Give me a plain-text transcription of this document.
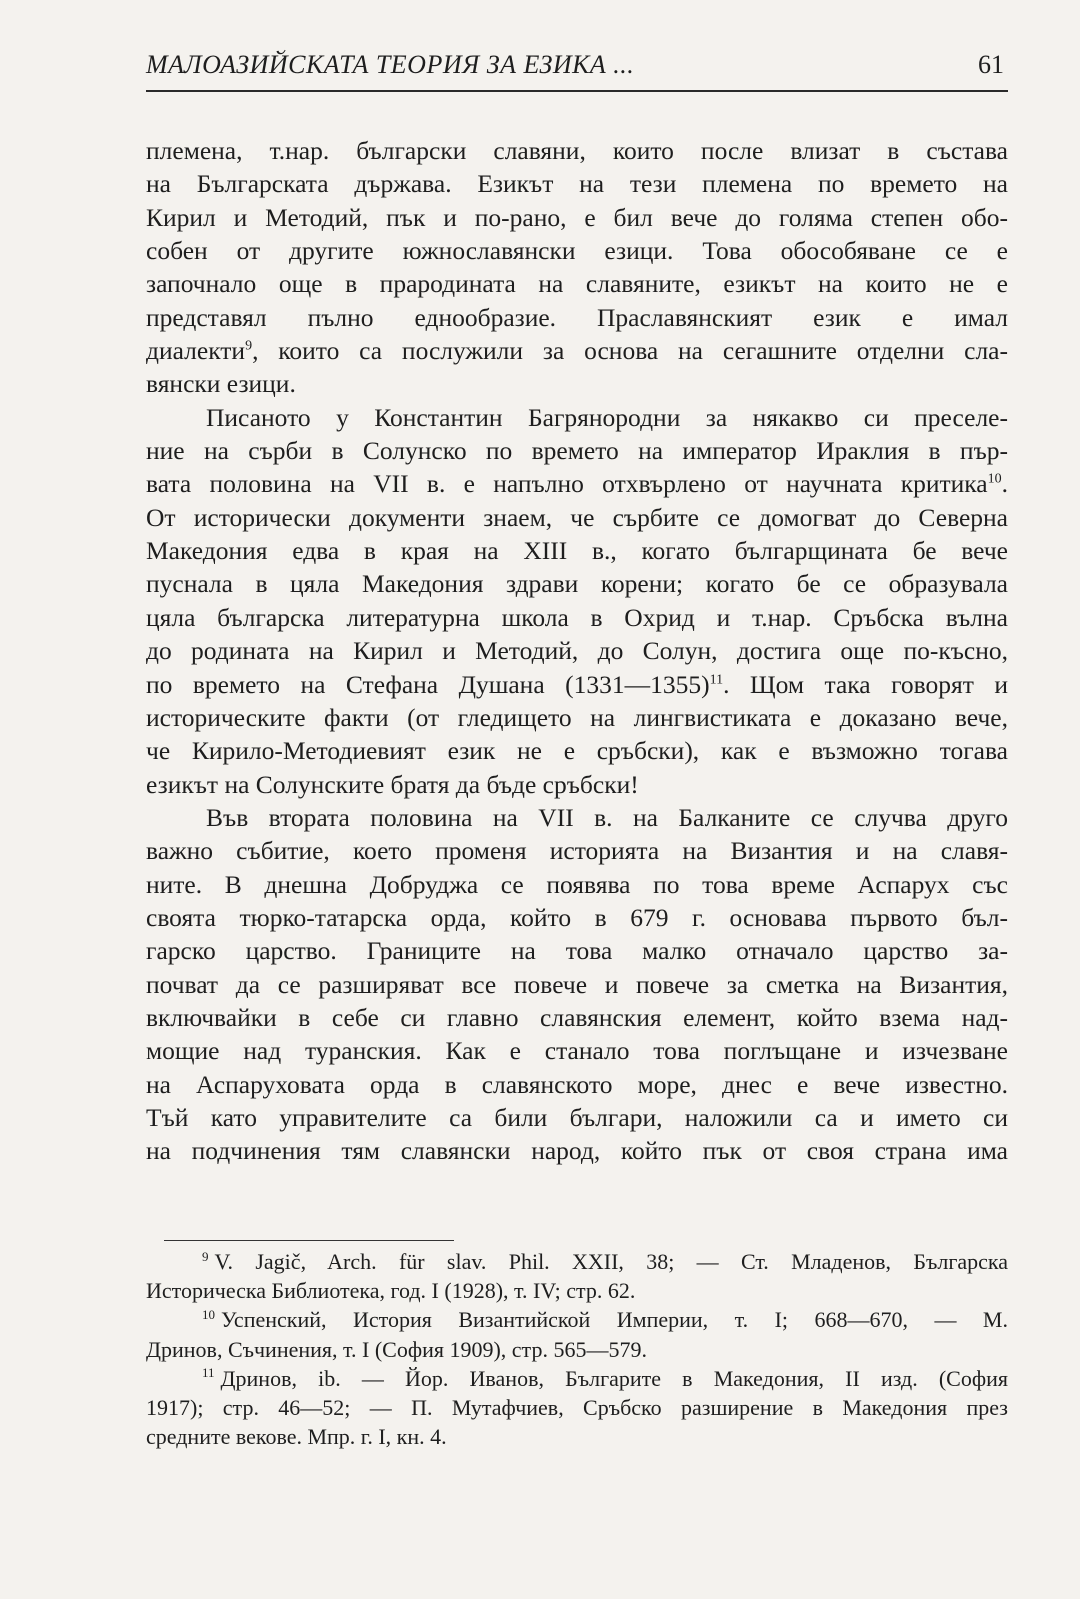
МАЛОАЗИЙСКАТА ТЕОРИЯ ЗА ЕЗИКА ...	61
племена, т.нар. български славяни, които после влизат в състава
на Българската държава. Езикът на тези племена по времето на
Кирил и Методий, пък и по-рано, е бил вече до голяма степен обо-
собен от другите южнославянски езици. Това обособяване се е
започнало още в прародината на славяните, езикът на които не е
представял пълно еднообразие. Праславянският език е имал
диалекти$^9$, които са послужили за основа на сегашните отделни сла-
вянски езици.
Писаното у Константин Багрянородни за някакво си преселе-
ние на сърби в Солунско по времето на император Ираклия в пър-
вата половина на VII в. е напълно отхвърлено от научната критика$^{10}$.
От исторически документи знаем, че сърбите се домогват до Северна
Македония едва в края на XIII в., когато българщината бе вече
пуснала в цяла Македония здрави корени; когато бе се образувала
цяла българска литературна школа в Охрид и т.нар. Сръбска вълна
до родината на Кирил и Методий, до Солун, достига още по-късно,
по времето на Стефана Душана (1331—1355)$^{11}$. Щом така говорят и
историческите факти (от гледището на лингвистиката е доказано вече,
че Кирило-Методиевият език не е сръбски), как е възможно тогава
езикът на Солунските братя да бъде сръбски!
Във втората половина на VII в. на Балканите се случва друго
важно събитие, което променя историята на Византия и на славя-
ните. В днешна Добруджа се появява по това време Аспарух със
своята тюрко-татарска орда, който в 679 г. основава първото бъл-
гарско царство. Границите на това малко отначало царство за-
почват да се разширяват все повече и повече за сметка на Византия,
включвайки в себе си главно славянския елемент, който взема над-
мощие над туранския. Как е станало това поглъщане и изчезване
на Аспаруховата орда в славянското море, днес е вече известно.
Тъй като управителите са били българи, наложили са и името си
на подчинения тям славянски народ, който пък от своя страна има
$^9$ V. Jagič, Arch. für slav. Phil. XXII, 38; — Ст. Младенов, Българска
Историческа Библиотека, год. I (1928), т. IV; стр. 62.
$^{10}$ Успенский, История Византийской Империи, т. I; 668—670, — М.
Дринов, Съчинения, т. I (София 1909), стр. 565—579.
$^{11}$ Дринов, ib. — Йор. Иванов, Българите в Македония, II изд. (София
1917); стр. 46—52; — П. Мутафчиев, Сръбско разширение в Македония през
средните векове. Мпр. г. I, кн. 4.
